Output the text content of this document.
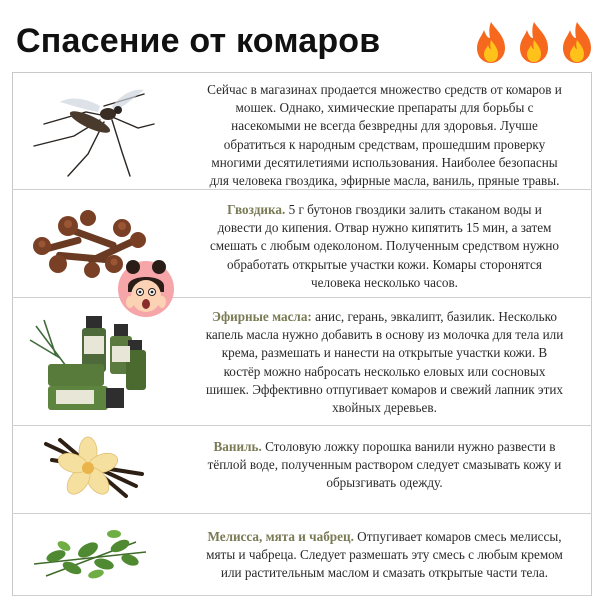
Спасение от комаров
Сейчас в магазинах продается множество средств от комаров и
мошек. Однако, химические препараты для борьбы с
насекомыми не всегда безвредны для здоровья. Лучше
обратиться к народным средствам, прошедшим проверку
многими десятилетиями использования. Наиболее безопасны
для человека гвоздика, эфирные масла, ваниль, пряные травы.
Гвоздика. 5 г бутонов гвоздики залить стаканом воды и
довести до кипения. Отвар нужно кипятить 15 мин, а затем
смешать с любым одеколоном. Полученным средством нужно
обработать открытые участки кожи. Комары сторонятся
человека несколько часов.
Эфирные масла: анис, герань, эвкалипт, базилик. Несколько
капель масла нужно добавить в основу из молочка для тела или
крема, размешать и нанести на открытые участки кожи. В
костёр можно набросать несколько еловых или сосновых
шишек. Эффективно отпугивает комаров и свежий лапник этих
хвойных деревьев.
Ваниль. Столовую ложку порошка ванили нужно развести в
тёплой воде, полученным раствором следует смазывать кожу и
обрызгивать одежду.
Мелисса, мята и чабрец. Отпугивает комаров смесь мелиссы,
мяты и чабреца. Следует размешать эту смесь с любым кремом
или растительным маслом и смазать открытые части тела.
